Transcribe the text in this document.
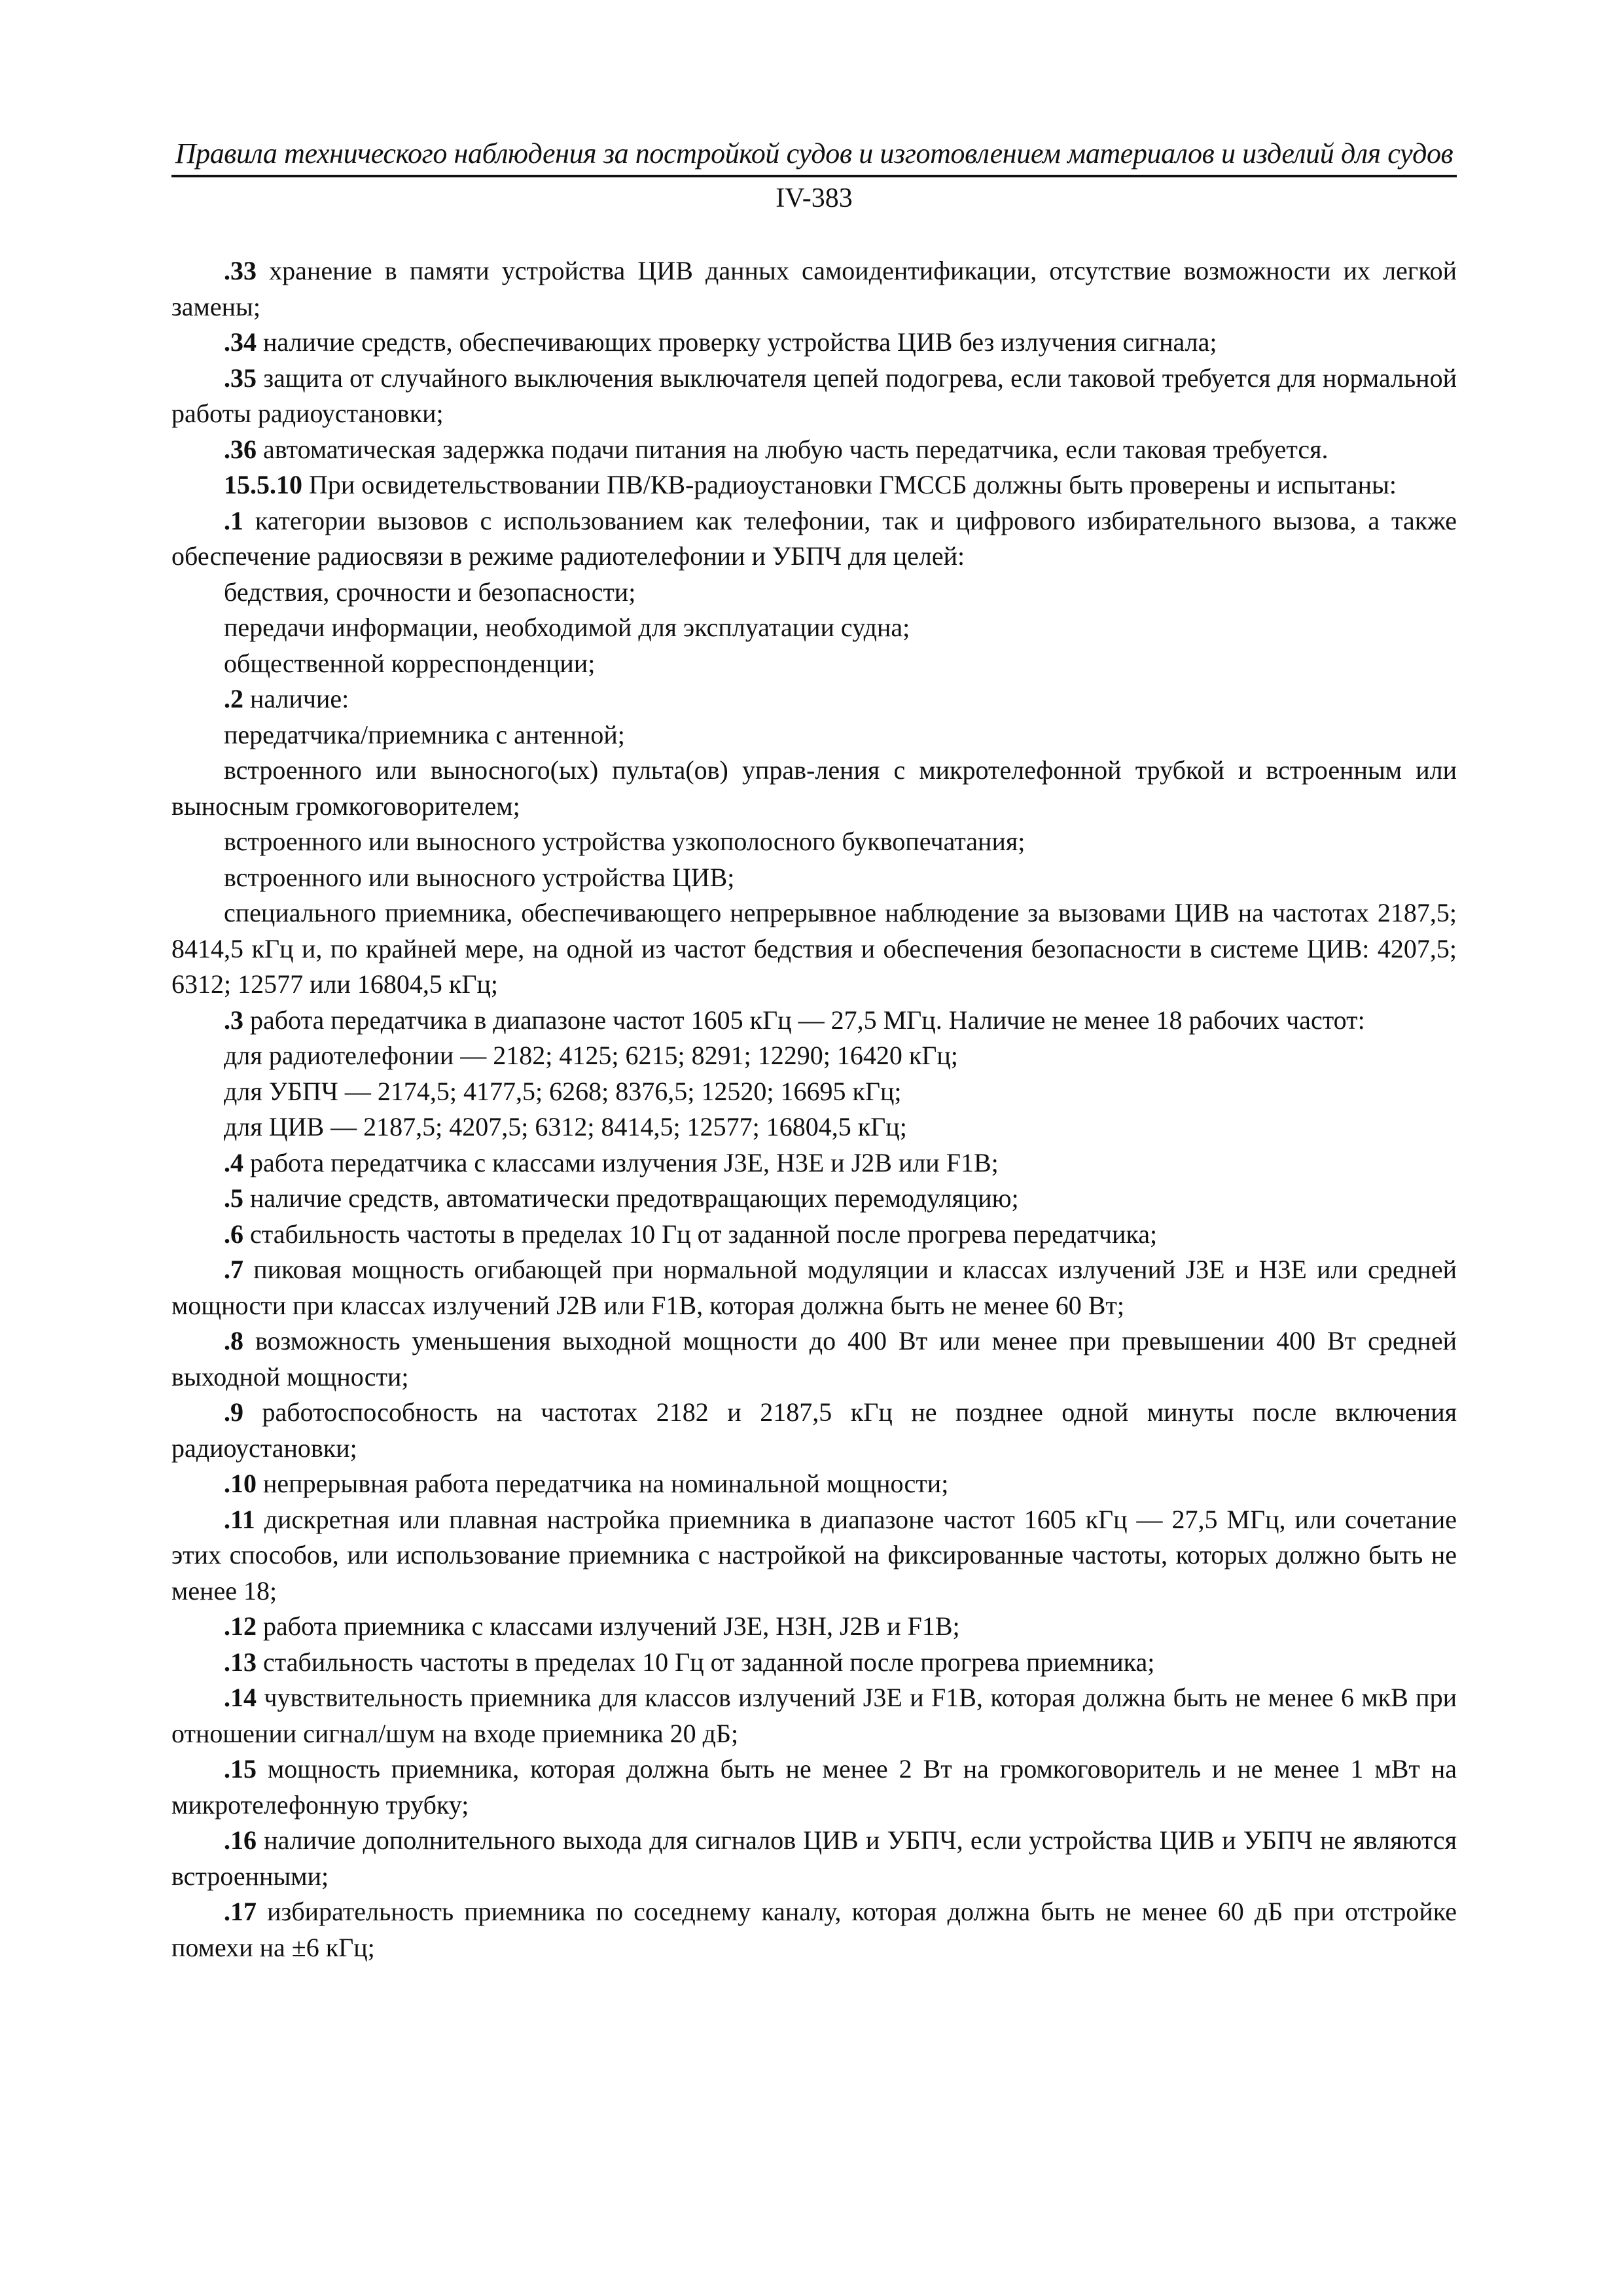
Правила технического наблюдения за постройкой судов и изготовлением материалов и изделий для судов
IV-383

.33 хранение в памяти устройства ЦИВ данных самоидентификации, отсутствие возможности их легкой замены;

.34 наличие средств, обеспечивающих проверку устройства ЦИВ без излучения сигнала;

.35 защита от случайного выключения выключателя цепей подогрева, если таковой требуется для нормальной работы радиоустановки;

.36 автоматическая задержка подачи питания на любую часть передатчика, если таковая требуется.

15.5.10 При освидетельствовании ПВ/КВ-радиоустановки ГМССБ должны быть проверены и испытаны:

.1 категории вызовов с использованием как телефонии, так и цифрового избирательного вызова, а также обеспечение радиосвязи в режиме радиотелефонии и УБПЧ для целей:

бедствия, срочности и безопасности;

передачи информации, необходимой для эксплуатации судна;

общественной корреспонденции;

.2 наличие:

передатчика/приемника с антенной;

встроенного или выносного(ых) пульта(ов) управ-ления с микротелефонной трубкой и встроенным или выносным громкоговорителем;

встроенного или выносного устройства узкополосного буквопечатания;

встроенного или выносного устройства ЦИВ;

специального приемника, обеспечивающего непрерывное наблюдение за вызовами ЦИВ на частотах 2187,5; 8414,5 кГц и, по крайней мере, на одной из частот бедствия и обеспечения безопасности в системе ЦИВ: 4207,5; 6312; 12577 или 16804,5 кГц;

.3 работа передатчика в диапазоне частот 1605 кГц — 27,5 МГц. Наличие не менее 18 рабочих частот:

для радиотелефонии — 2182; 4125; 6215; 8291; 12290; 16420 кГц;

для УБПЧ — 2174,5; 4177,5; 6268; 8376,5; 12520; 16695 кГц;

для ЦИВ — 2187,5; 4207,5; 6312; 8414,5; 12577; 16804,5 кГц;

.4 работа передатчика с классами излучения J3E, H3E и J2B или F1B;

.5 наличие средств, автоматически предотвращающих перемодуляцию;

.6 стабильность частоты в пределах 10 Гц от заданной после прогрева передатчика;

.7 пиковая мощность огибающей при нормальной модуляции и классах излучений J3E и H3E или средней мощности при классах излучений J2B или F1B, которая должна быть не менее 60 Вт;

.8 возможность уменьшения выходной мощности до 400 Вт или менее при превышении 400 Вт средней выходной мощности;

.9 работоспособность на частотах 2182 и 2187,5 кГц не позднее одной минуты после включения радиоустановки;

.10 непрерывная работа передатчика на номинальной мощности;

.11 дискретная или плавная настройка приемника в диапазоне частот 1605 кГц — 27,5 МГц, или сочетание этих способов, или использование приемника с настройкой на фиксированные частоты, которых должно быть не менее 18;

.12 работа приемника с классами излучений J3E, H3H, J2B и F1B;

.13 стабильность частоты в пределах 10 Гц от заданной после прогрева приемника;

.14 чувствительность приемника для классов излучений J3E и F1B, которая должна быть не менее 6 мкВ при отношении сигнал/шум на входе приемника 20 дБ;

.15 мощность приемника, которая должна быть не менее 2 Вт на громкоговоритель и не менее 1 мВт на микротелефонную трубку;

.16 наличие дополнительного выхода для сигналов ЦИВ и УБПЧ, если устройства ЦИВ и УБПЧ не являются встроенными;

.17 избирательность приемника по соседнему каналу, которая должна быть не менее 60 дБ при отстройке помехи на ±6 кГц;
